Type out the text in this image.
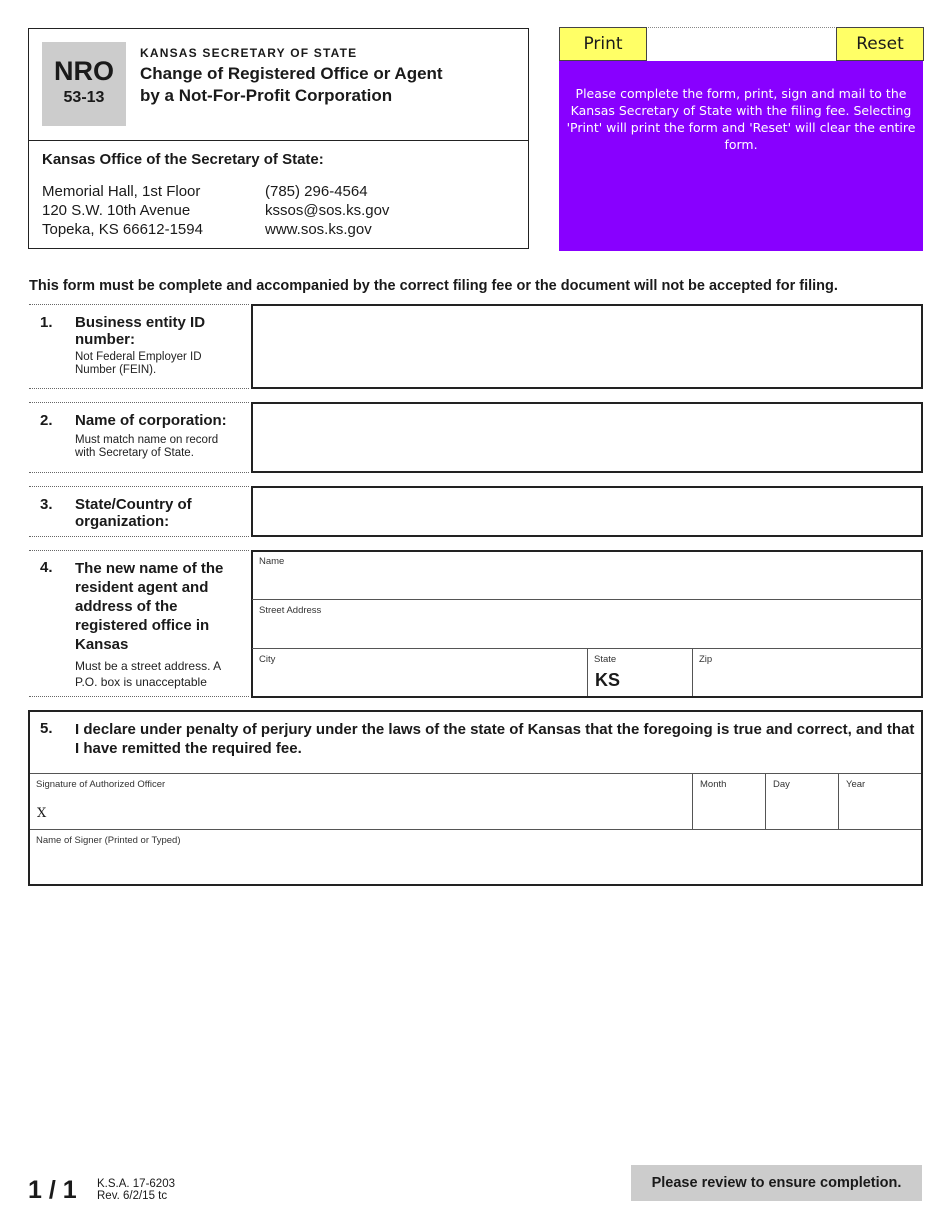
NRO
53-13
KANSAS SECRETARY OF STATE
Change of Registered Office or Agent
by a Not-For-Profit Corporation
Kansas Office of the Secretary of State:
Memorial Hall, 1st Floor
120 S.W. 10th Avenue
Topeka, KS 66612-1594
(785) 296-4564
kssos@sos.ks.gov
www.sos.ks.gov
Print	Reset
Please complete the form, print, sign and mail to the Kansas Secretary of State with the filing fee. Selecting 'Print' will print the form and 'Reset' will clear the entire form.
This form must be complete and accompanied by the correct filing fee or the document will not be accepted for filing.
1. Business entity ID number:
Not Federal Employer ID Number (FEIN).
2. Name of corporation:
Must match name on record with Secretary of State.
3. State/Country of organization:
4. The new name of the resident agent and address of the registered office in Kansas
Must be a street address. A P.O. box is unacceptable
Name
Street Address
City	State
KS
Zip
5. I declare under penalty of perjury under the laws of the state of Kansas that the foregoing is true and correct, and that I have remitted the required fee.
Signature of Authorized Officer
X
Month	Day	Year
Name of Signer (Printed or Typed)
1 / 1 K.S.A. 17-6203
Rev. 6/2/15 tc
Please review to ensure completion.
